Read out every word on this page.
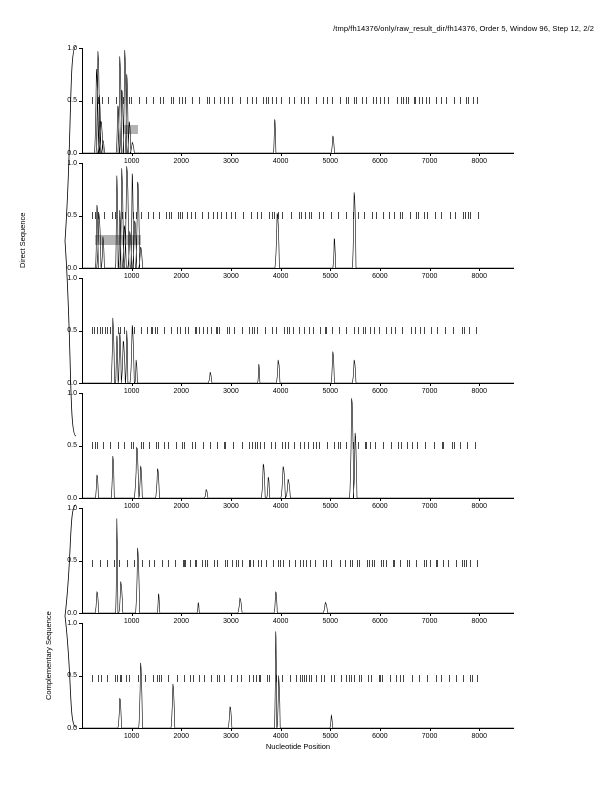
/tmp/fh14376/only/raw_result_dir/fh14376, Order 5, Window 96, Step 12, 2/2
Direct Sequence
Complementary Sequence
Nucleotide Position
0.0
0.5
1.0
1000	2000	3000	4000	5000	6000	7000	8000
0.0
0.5
1.0
1000	2000	3000	4000	5000	6000	7000	8000
0.0
0.5
1.0
1000	2000	3000	4000	5000	6000	7000	8000
0.0
0.5
1.0
1000	2000	3000	4000	5000	6000	7000	8000
0.0
0.5
1.0
1000	2000	3000	4000	5000	6000	7000	8000
0.0
0.5
1.0
1000	2000	3000	4000	5000	6000	7000	8000
